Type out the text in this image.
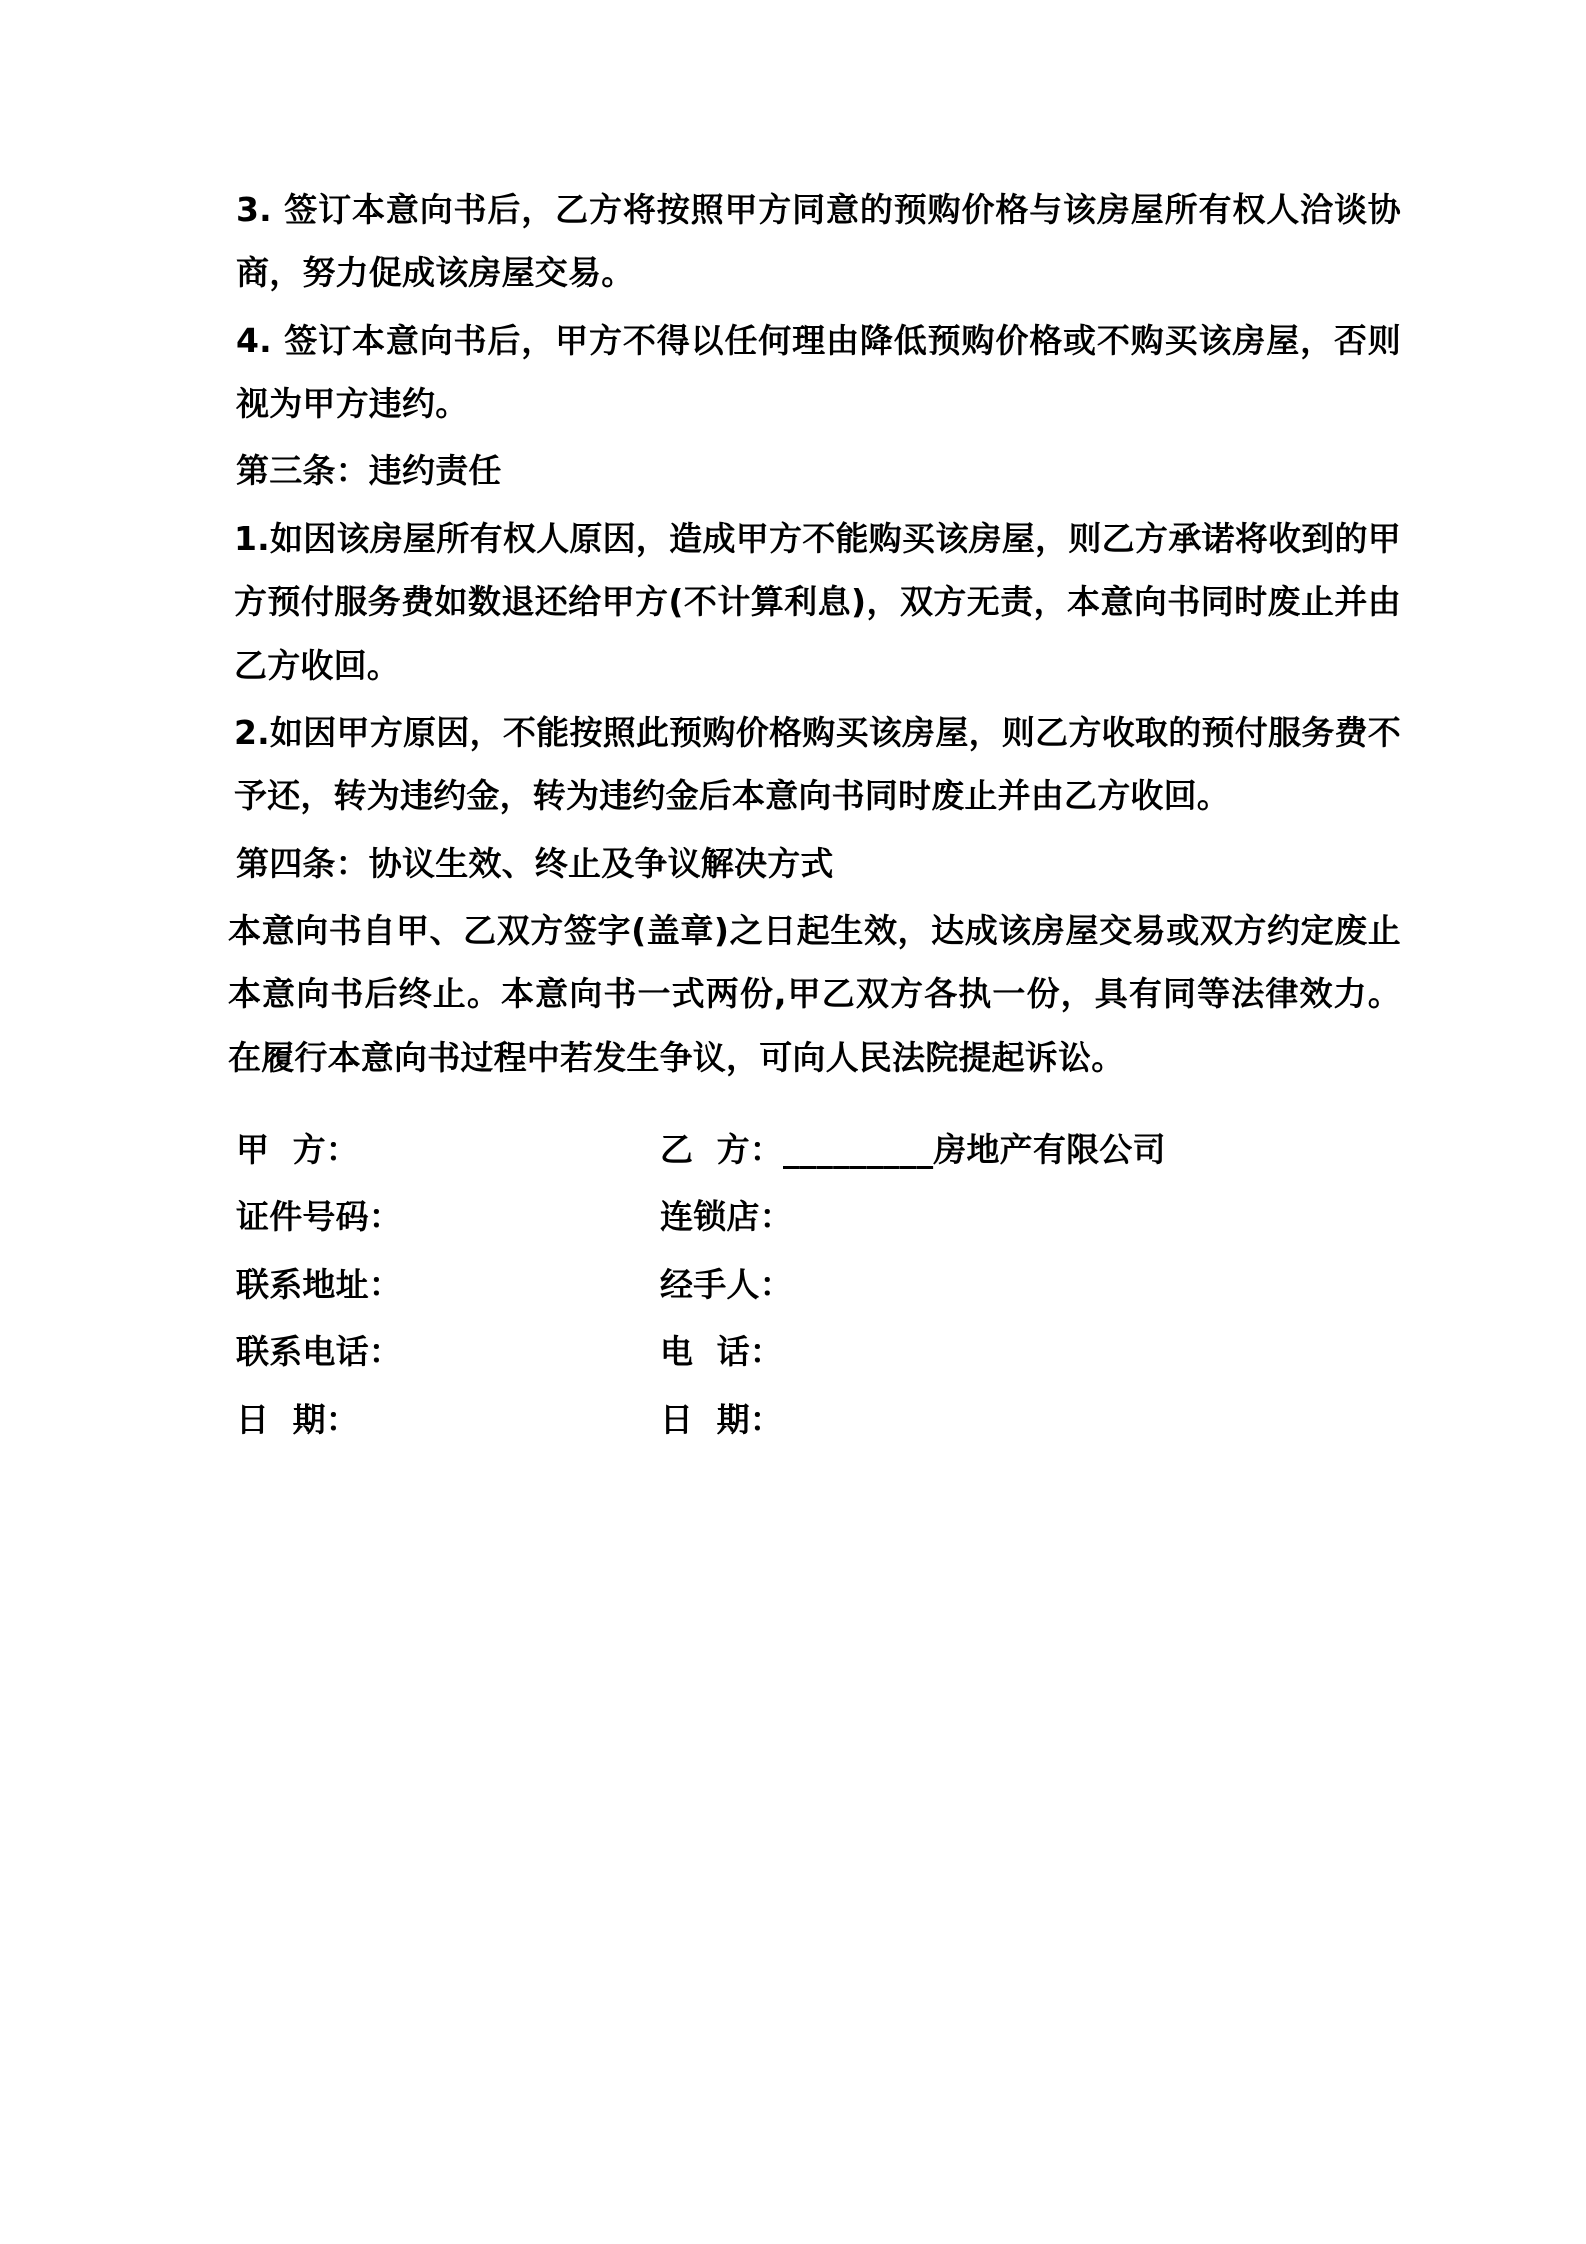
3. 签订本意向书后，乙方将按照甲方同意的预购价格与该房屋所有权人洽谈协商，努力促成该房屋交易。

4. 签订本意向书后，甲方不得以任何理由降低预购价格或不购买该房屋，否则视为甲方违约。

第三条：违约责任

1.如因该房屋所有权人原因，造成甲方不能购买该房屋，则乙方承诺将收到的甲方预付服务费如数退还给甲方(不计算利息)，双方无责，本意向书同时废止并由乙方收回。

2.如因甲方原因，不能按照此预购价格购买该房屋，则乙方收取的预付服务费不予还，转为违约金，转为违约金后本意向书同时废止并由乙方收回。

第四条：协议生效、终止及争议解决方式

本意向书自甲、乙双方签字(盖章)之日起生效，达成该房屋交易或双方约定废止本意向书后终止。本意向书一式两份,甲乙双方各执一份，具有同等法律效力。在履行本意向书过程中若发生争议，可向人民法院提起诉讼。

甲  方：	乙  方：_________房地产有限公司
证件号码：	连锁店：
联系地址：	经手人：
联系电话：	电  话：
日  期：	日  期：
